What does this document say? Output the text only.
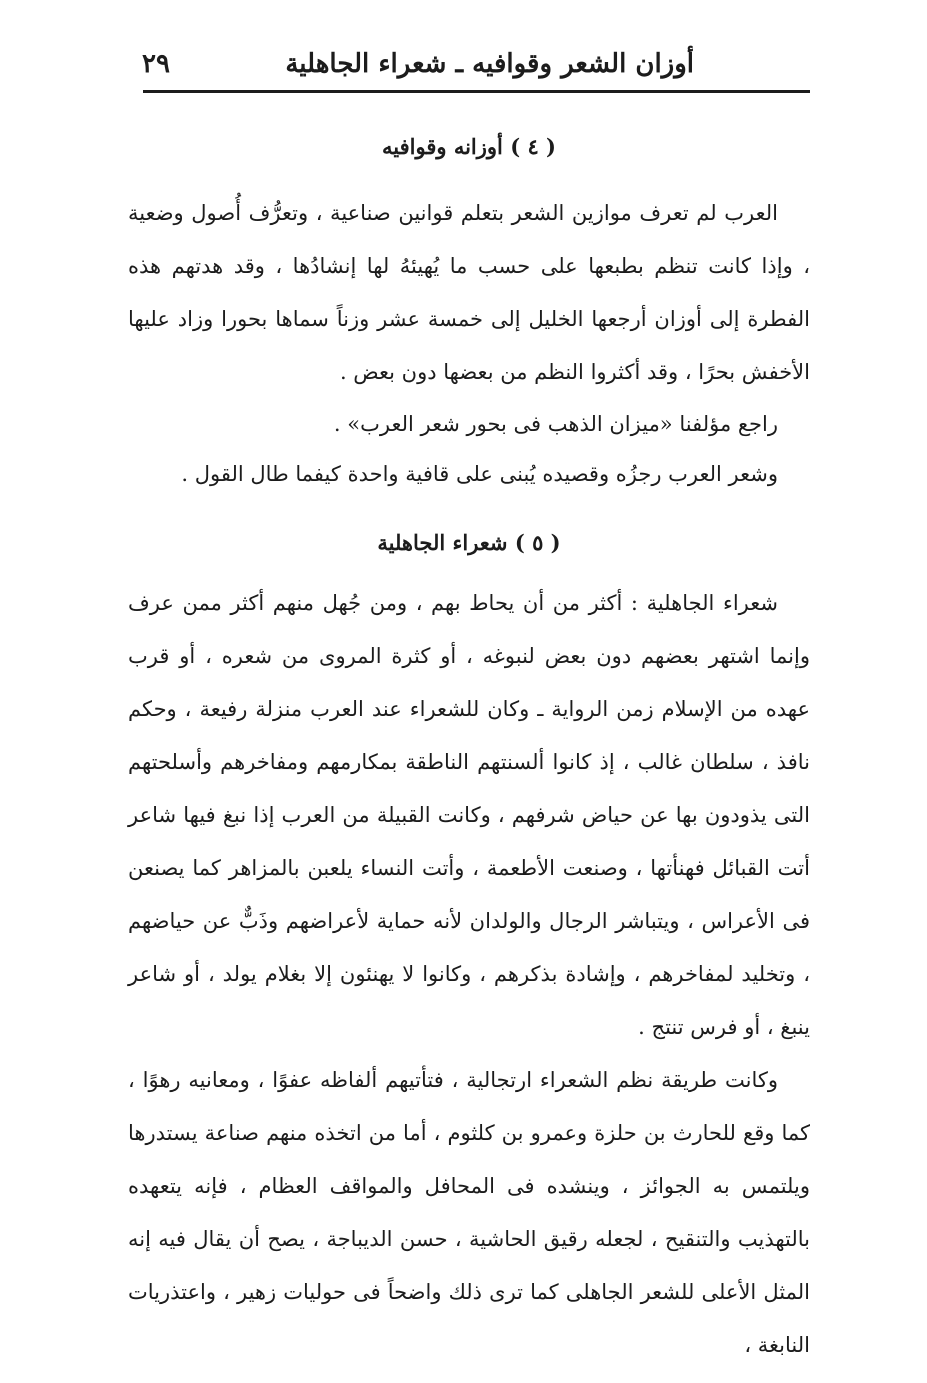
أوزان الشعر وقوافيه ـ شعراء الجاهلية
٢٩
( ٤ ) أوزانه وقوافيه

العرب لم تعرف موازين الشعر بتعلم قوانين صناعية ، وتعرُّف أُصول وضعية ، وإذا كانت تنظم بطبعها على حسب ما يُهيئهُ لها إنشادُها ، وقد هدتهم هذه الفطرة إلى أوزان أرجعها الخليل إلى خمسة عشر وزناً سماها بحورا وزاد عليها الأخفش بحرًا ، وقد أكثروا النظم من بعضها دون بعض .

راجع مؤلفنا «ميزان الذهب فى بحور شعر العرب» .

وشعر العرب رجزُه وقصيده يُبنى على قافية واحدة كيفما طال القول .

( ٥ ) شعراء الجاهلية

شعراء الجاهلية : أكثر من أن يحاط بهم ، ومن جُهل منهم أكثر ممن عرف وإنما اشتهر بعضهم دون بعض لنبوغه ، أو كثرة المروى من شعره ، أو قرب عهده من الإسلام زمن الرواية ـ وكان للشعراء عند العرب منزلة رفيعة ، وحكم نافذ ، سلطان غالب ، إذ كانوا ألسنتهم الناطقة بمكارمهم ومفاخرهم وأسلحتهم التى يذودون بها عن حياض شرفهم ، وكانت القبيلة من العرب إذا نبغ فيها شاعر أتت القبائل فهنأتها ، وصنعت الأطعمة ، وأتت النساء يلعبن بالمزاهر كما يصنعن فى الأعراس ، ويتباشر الرجال والولدان لأنه حماية لأعراضهم وذَبٌّ عن حياضهم ، وتخليد لمفاخرهم ، وإشادة بذكرهم ، وكانوا لا يهنئون إلا بغلام يولد ، أو شاعر ينبغ ، أو فرس تنتج .

وكانت طريقة نظم الشعراء ارتجالية ، فتأتيهم ألفاظه عفوًا ، ومعانيه رهوًا ، كما وقع للحارث بن حلزة وعمرو بن كلثوم ، أما من اتخذه منهم صناعة يستدرها ويلتمس به الجوائز ، وينشده فى المحافل والمواقف العظام ، فإنه يتعهده بالتهذيب والتنقيح ، لجعله رقيق الحاشية ، حسن الديباجة ، يصح أن يقال فيه إنه المثل الأعلى للشعر الجاهلى كما ترى ذلك واضحاً فى حوليات زهير ، واعتذريات النابغة ،
